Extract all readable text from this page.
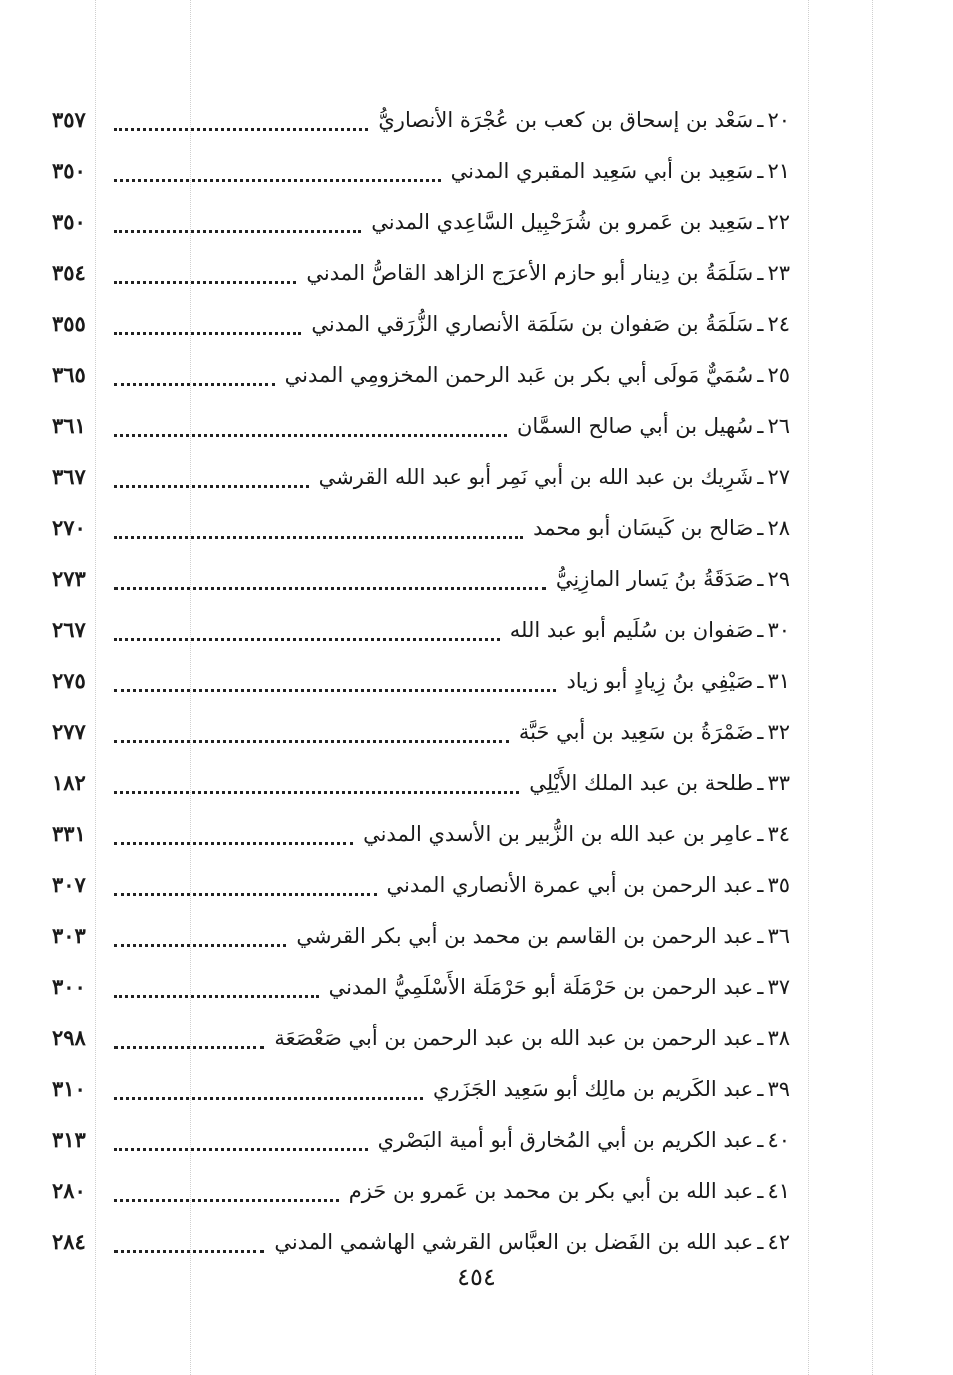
٢٠
ـ
سَعْد بن إسحاق بن كعب بن عُجْرَة الأنصاريُّ
٣٥٧
٢١
ـ
سَعِيد بن أبي سَعِيد المقبري المدني
٣٥٠
٢٢
ـ
سَعِيد بن عَمرو بن شُرَحْبِيل السَّاعِدي المدني
٣٥٠
٢٣
ـ
سَلَمَةُ بن دِينار أبو حازم الأعرَج الزاهد القاصُّ المدني
٣٥٤
٢٤
ـ
سَلَمَةُ بن صَفوان بن سَلَمَة الأنصاري الزُّرَقي المدني
٣٥٥
٢٥
ـ
سُمَيٌّ مَولَى أبي بكر بن عَبد الرحمن المخزومِي المدني
٣٦٥
٢٦
ـ
سُهيل بن أبي صالح السمَّان
٣٦١
٢٧
ـ
شَرِيك بن عبد الله بن أبي نَمِر أبو عبد الله القرشي
٣٦٧
٢٨
ـ
صَالح بن كَيسَان أبو محمد
٢٧٠
٢٩
ـ
صَدَقَةُ بنُ يَسار المازِنِيُّ
٢٧٣
٣٠
ـ
صَفوان بن سُلَيم أبو عبد الله
٢٦٧
٣١
ـ
صَيْفِي بنُ زِيادٍ أبو زياد
٢٧٥
٣٢
ـ
ضَمْرَةُ بن سَعِيد بن أبي حَبَّة
٢٧٧
٣٣
ـ
طلحة بن عبد الملك الأَيْلِي
١٨٢
٣٤
ـ
عامِر بن عبد الله بن الزُّبير بن الأسدي المدني
٣٣١
٣٥
ـ
عبد الرحمن بن أبي عمرة الأنصاري المدني
٣٠٧
٣٦
ـ
عبد الرحمن بن القاسم بن محمد بن أبي بكر القرشي
٣٠٣
٣٧
ـ
عبد الرحمن بن حَرْمَلَة أبو حَرْمَلَة الأَسْلَمِيُّ المدني
٣٠٠
٣٨
ـ
عبد الرحمن بن عبد الله بن عبد الرحمن بن أبي صَعْصَعَة
٢٩٨
٣٩
ـ
عبد الكَريم بن مالِك أبو سَعِيد الجَزَري
٣١٠
٤٠
ـ
عبد الكريم بن أبي المُخارق أبو أمية البَصْري
٣١٣
٤١
ـ
عبد الله بن أبي بكر بن محمد بن عَمرو بن حَزم
٢٨٠
٤٢
ـ
عبد الله بن الفَضل بن العبَّاس القرشي الهاشمي المدني
٢٨٤
٤٥٤
